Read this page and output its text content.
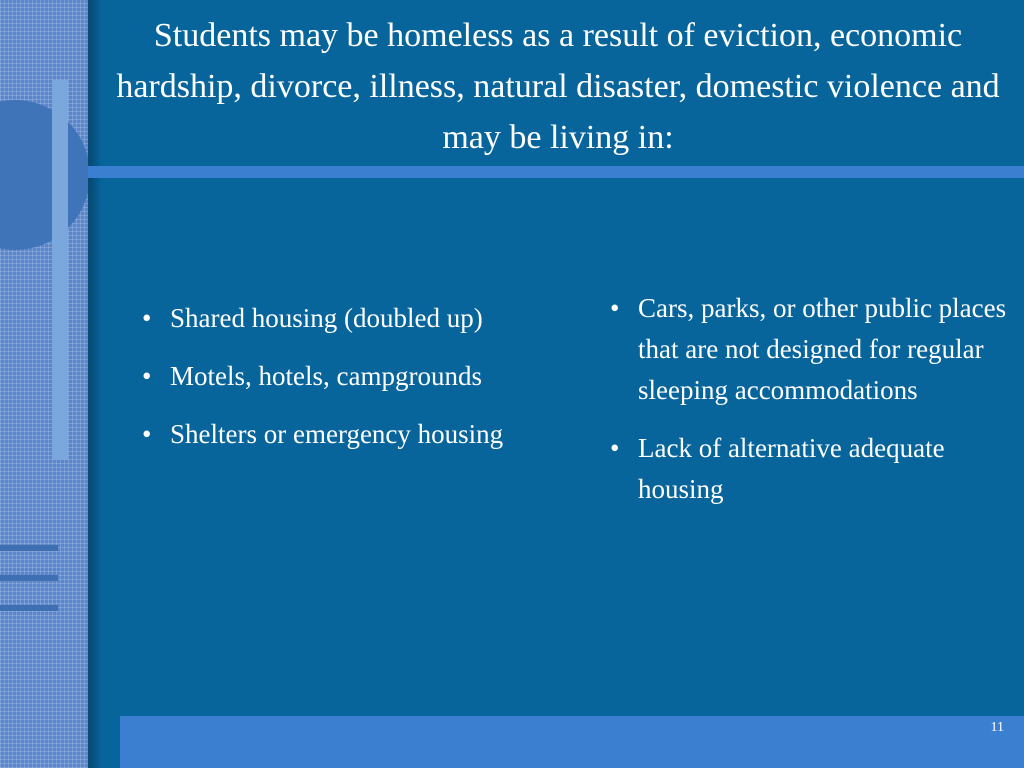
Students may be homeless as a result of eviction, economic hardship, divorce, illness, natural disaster, domestic violence and may be living in:
• Shared housing (doubled up)
• Motels, hotels, campgrounds
• Shelters or emergency housing
• Cars, parks, or other public places that are not designed for regular sleeping accommodations
• Lack of alternative adequate housing
11
